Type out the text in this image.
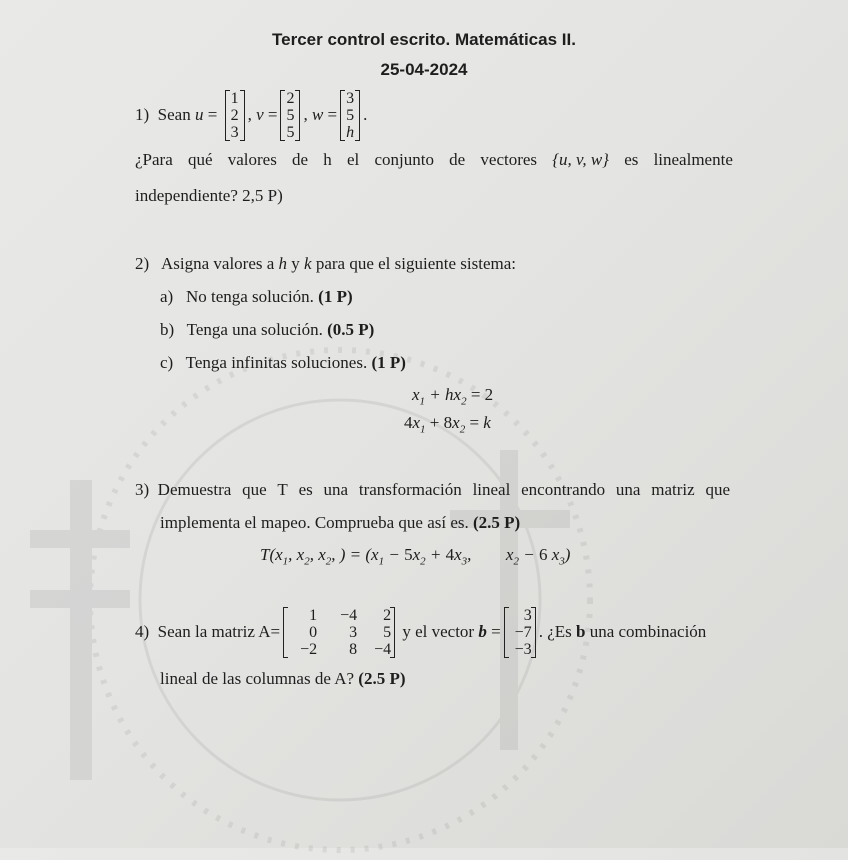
Tercer control escrito. Matemáticas II.
25-04-2024
1)
Sean
u =
1
2
3
, v =
2
5
5
, w =
3
5
h
.
¿Para qué valores de h el conjunto de vectores {u, v, w} es linealmente
independiente? 2,5 P)
2) Asigna valores a h y k para que el siguiente sistema:
a) No tenga solución. (1 P)
b) Tenga una solución. (0.5 P)
c) Tenga infinitas soluciones. (1 P)
$x_1 + hx_2 = 2$
$4x_1 + 8x_2 = k$
3) Demuestra que T es una transformación lineal encontrando una matriz que
implementa el mapeo. Comprueba que así es. (2.5 P)
$T(x_1$, $x_2$, $x_2$, ) = ($x_1 - 5x_2 + 4x_3$,  $x_2 - 6$ $x_3$)
4)
Sean la matriz A=
1	−4	2
0	3	5
−2	8	−4

y el vector
b =
3
−7
−3
. ¿Es
b
una combinación
lineal de las columnas de A? (2.5 P)
